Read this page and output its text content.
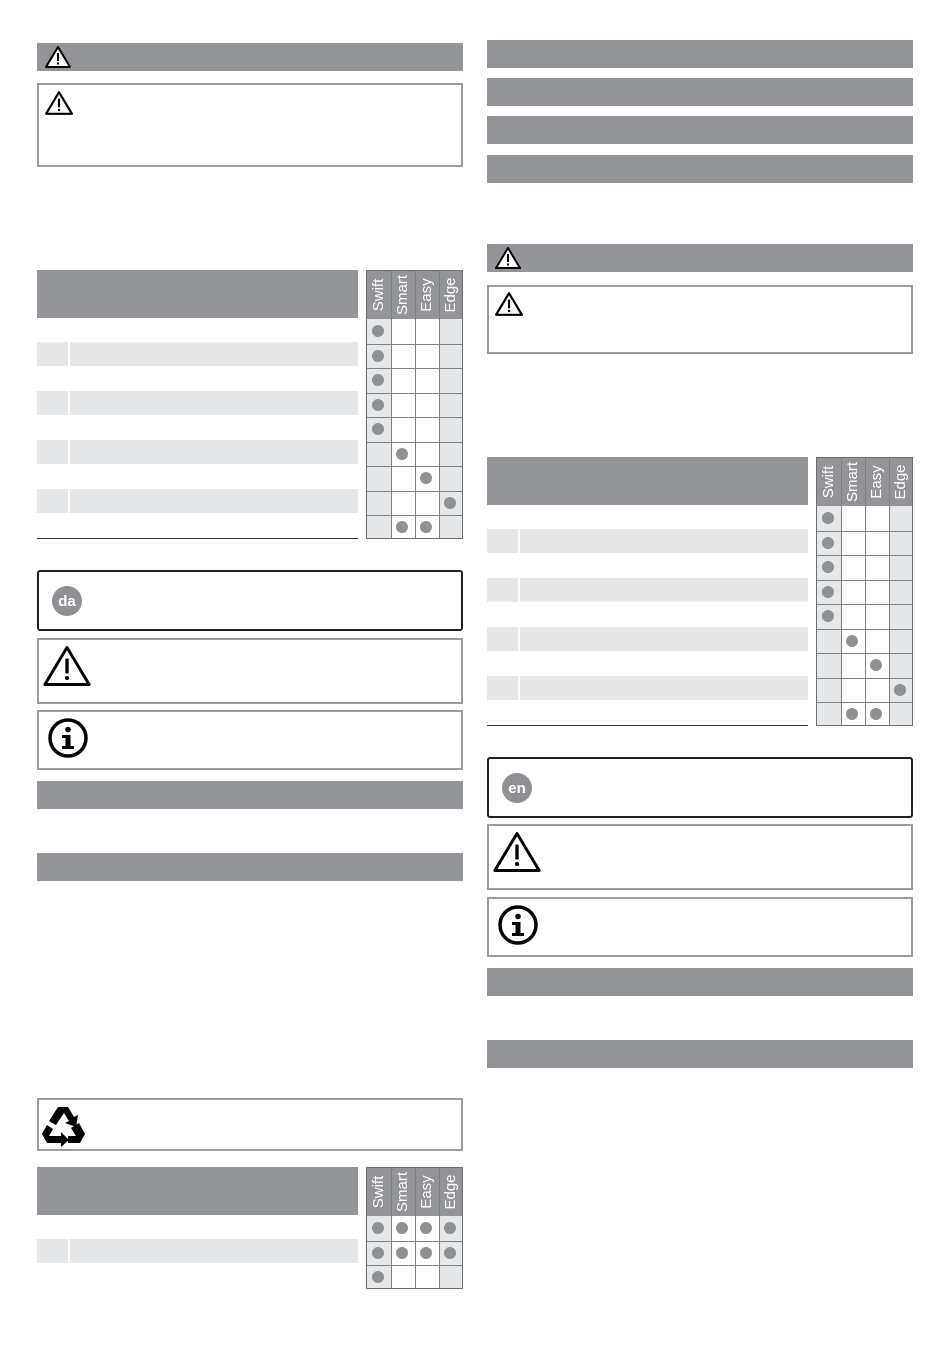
Swift Smart Easy Edge
da
Swift Smart Easy Edge
Swift Smart Easy Edge
en
